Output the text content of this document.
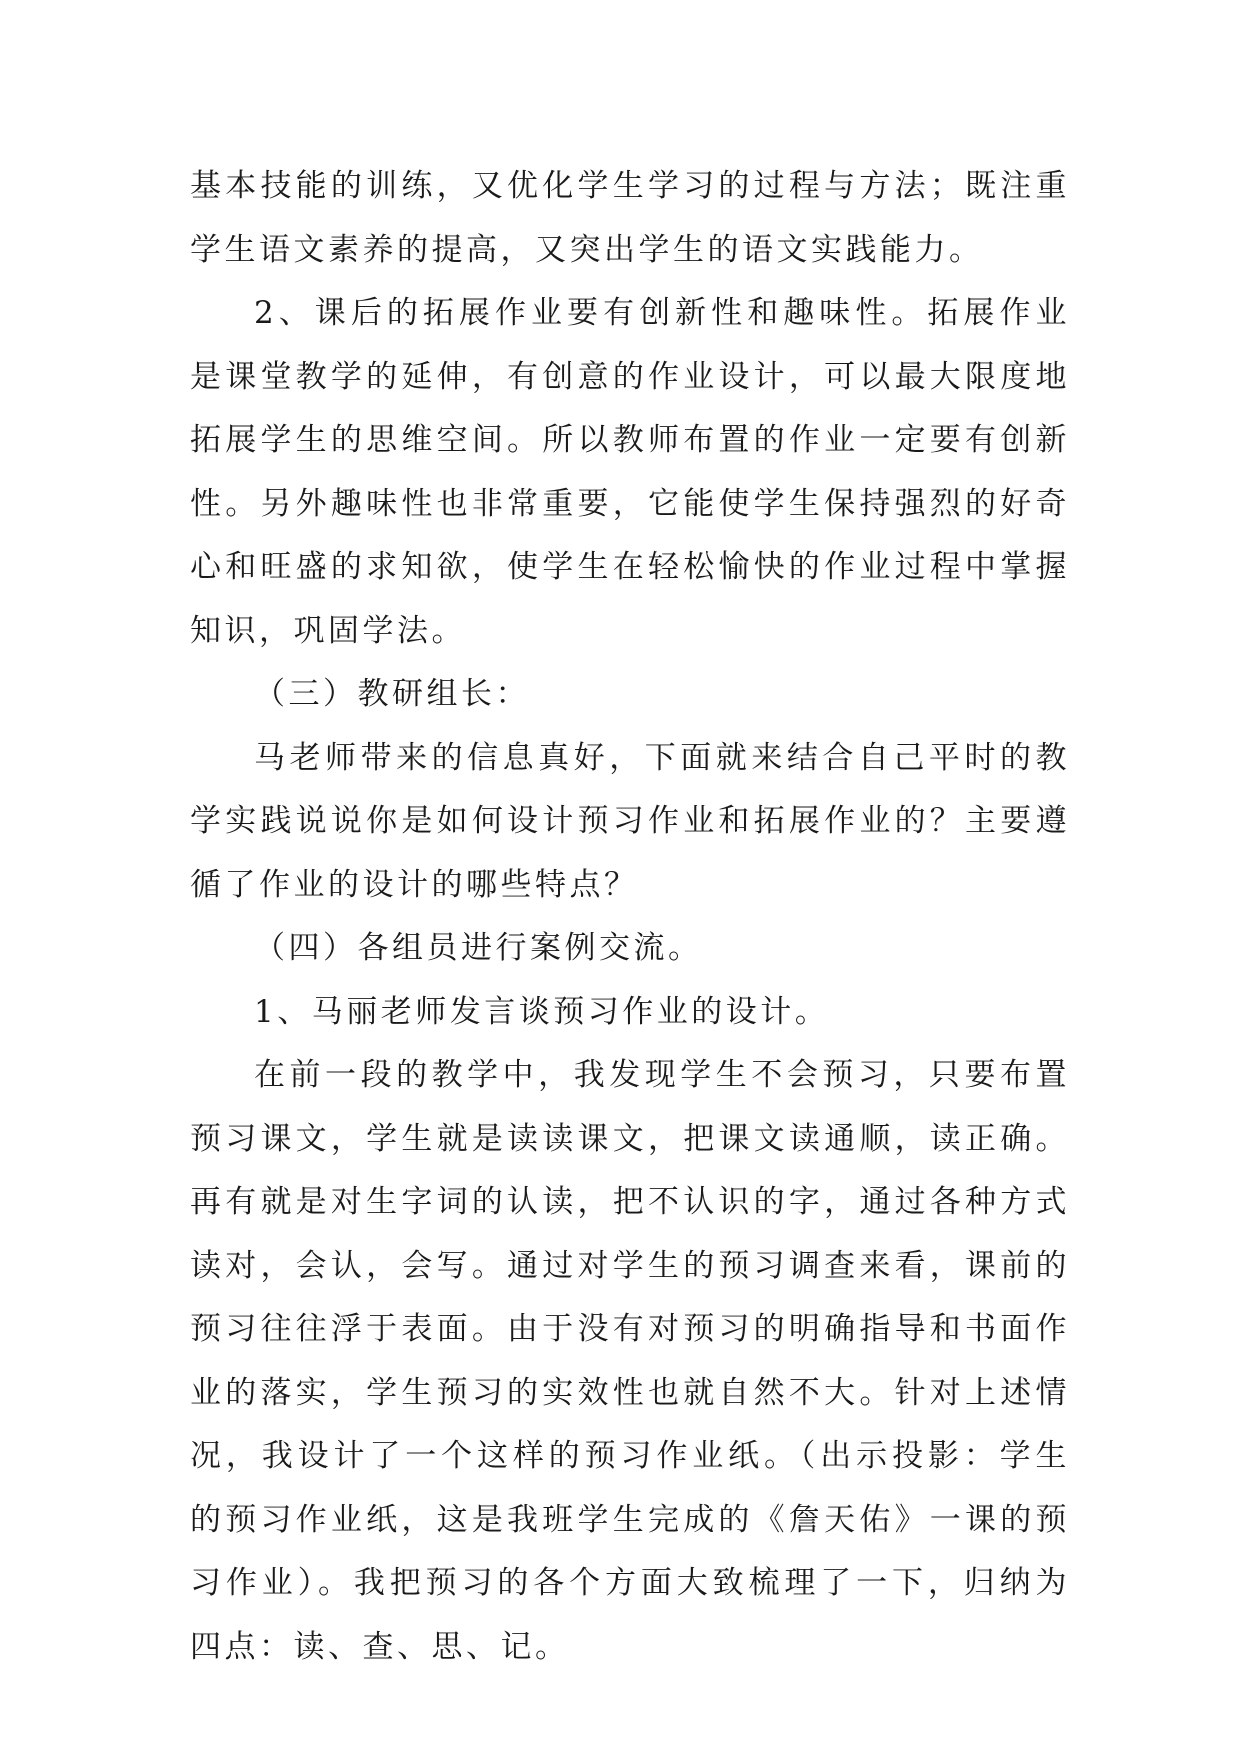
基本技能的训练，又优化学生学习的过程与方法；既注重学生语文素养的提高，又突出学生的语文实践能力。

2、课后的拓展作业要有创新性和趣味性。拓展作业是课堂教学的延伸，有创意的作业设计，可以最大限度地拓展学生的思维空间。所以教师布置的作业一定要有创新性。另外趣味性也非常重要，它能使学生保持强烈的好奇心和旺盛的求知欲，使学生在轻松愉快的作业过程中掌握知识，巩固学法。

（三）教研组长：

马老师带来的信息真好，下面就来结合自己平时的教学实践说说你是如何设计预习作业和拓展作业的？主要遵循了作业的设计的哪些特点？

（四）各组员进行案例交流。

1、马丽老师发言谈预习作业的设计。

在前一段的教学中，我发现学生不会预习，只要布置预习课文，学生就是读读课文，把课文读通顺，读正确。再有就是对生字词的认读，把不认识的字，通过各种方式读对，会认，会写。通过对学生的预习调查来看，课前的预习往往浮于表面。由于没有对预习的明确指导和书面作业的落实，学生预习的实效性也就自然不大。针对上述情况，我设计了一个这样的预习作业纸。（出示投影：学生的预习作业纸，这是我班学生完成的《詹天佑》一课的预习作业）。我把预习的各个方面大致梳理了一下，归纳为四点：读、查、思、记。
